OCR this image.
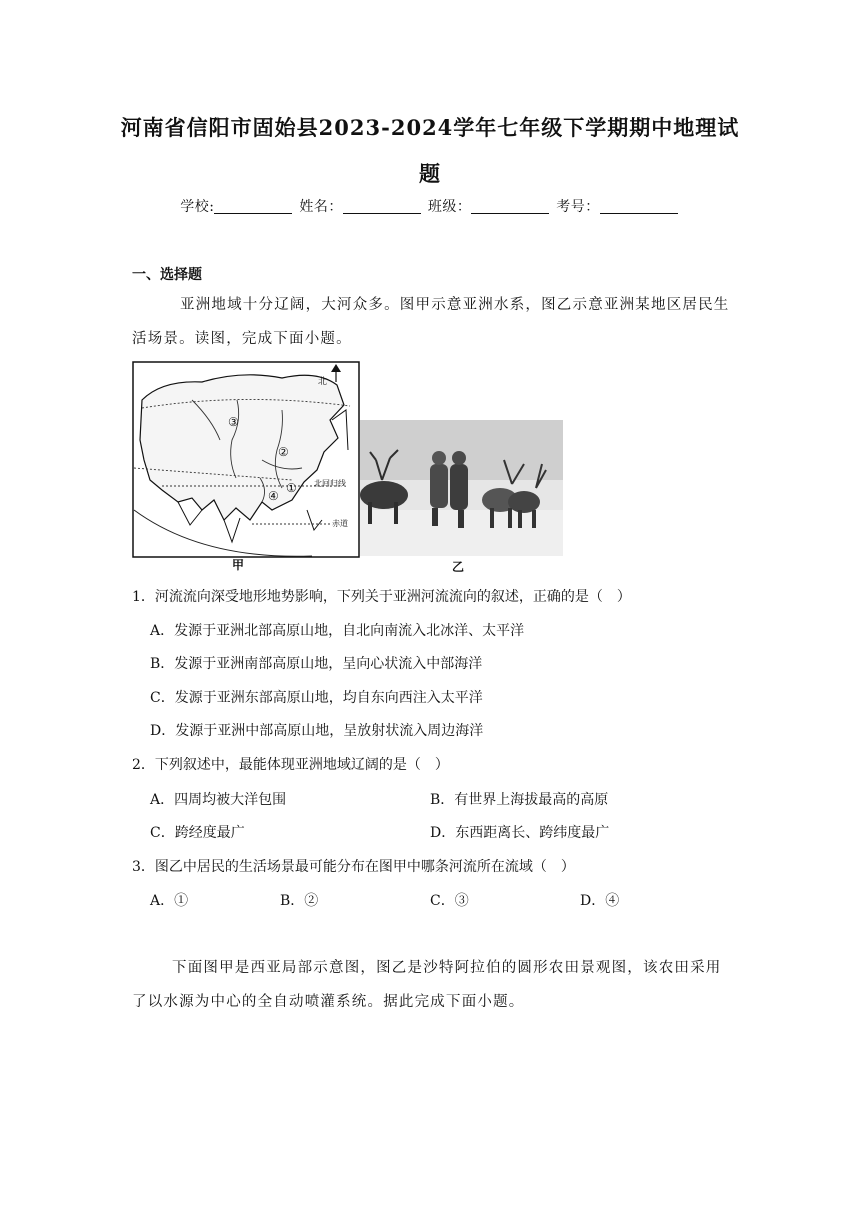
河南省信阳市固始县2023-2024学年七年级下学期期中地理试
题
学校:	姓名：	班级：	考号：
一、选择题
亚洲地域十分辽阔，大河众多。图甲示意亚洲水系，图乙示意亚洲某地区居民生活场景。读图，完成下面小题。
北
北回归线
赤道
①
②
③
④
甲	乙
1．河流流向深受地形地势影响，下列关于亚洲河流流向的叙述，正确的是（　）
A．发源于亚洲北部高原山地，自北向南流入北冰洋、太平洋
B．发源于亚洲南部高原山地，呈向心状流入中部海洋
C．发源于亚洲东部高原山地，均自东向西注入太平洋
D．发源于亚洲中部高原山地，呈放射状流入周边海洋
2．下列叙述中，最能体现亚洲地域辽阔的是（　）
A．四周均被大洋包围	B．有世界上海拔最高的高原
C．跨经度最广	D．东西距离长、跨纬度最广
3．图乙中居民的生活场景最可能分布在图甲中哪条河流所在流域（　）
A．①	B．②	C．③	D．④
下面图甲是西亚局部示意图，图乙是沙特阿拉伯的圆形农田景观图，该农田采用了以水源为中心的全自动喷灌系统。据此完成下面小题。
